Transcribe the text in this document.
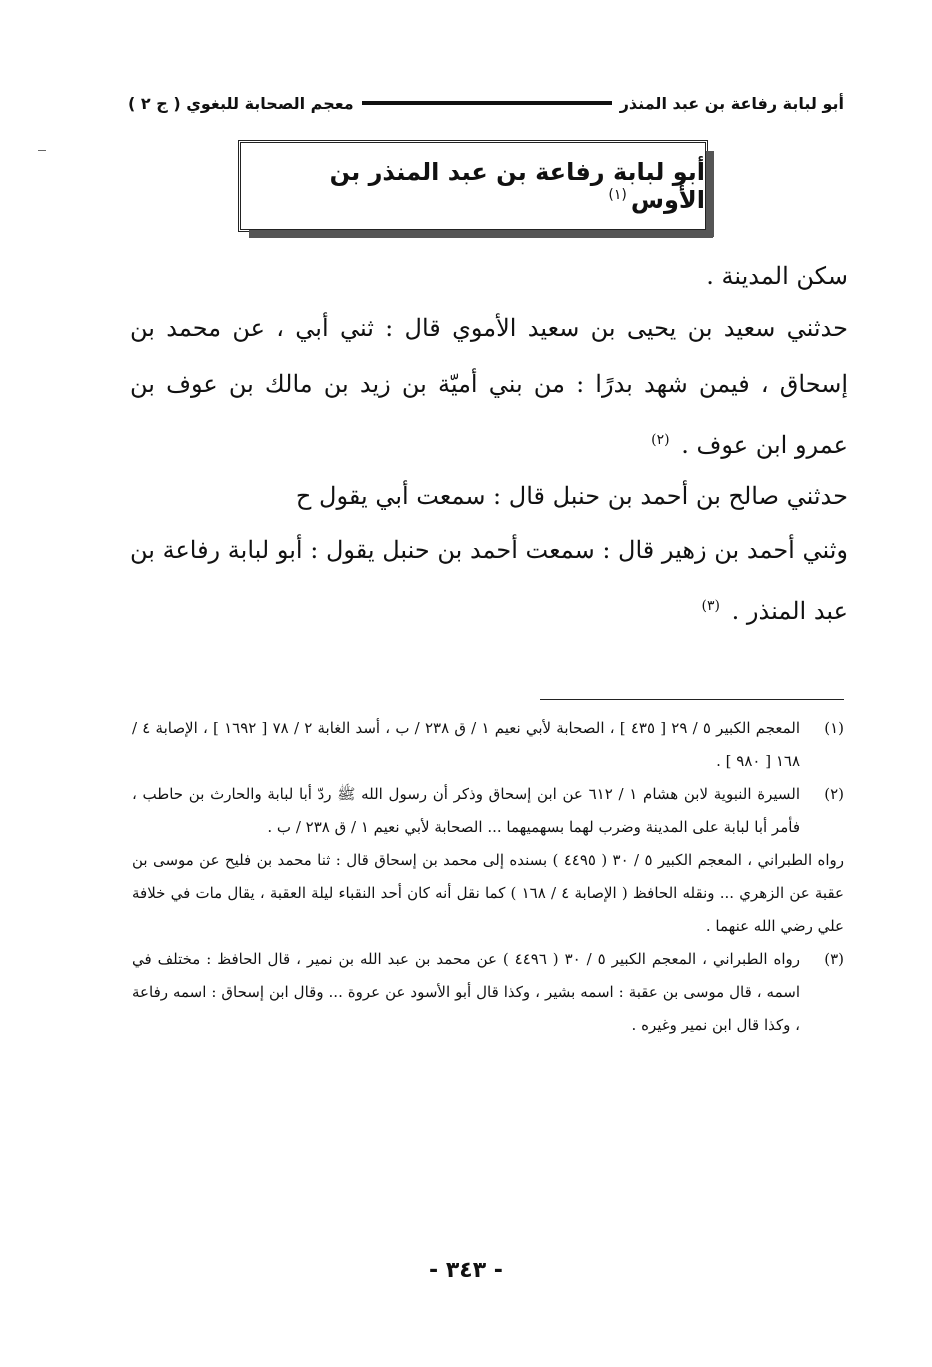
معجم الصحابة للبغوي ( ج ٢ )	أبو لبابة رفاعة بن عبد المنذر
أبو لبابة رفاعة بن عبد المنذر بن الأوس$^{(١)}$

سكن المدينة .

حدثني سعيد بن يحيى بن سعيد الأموي قال : ثني أبي ، عن محمد بن إسحاق ، فيمن شهد بدرًا : من بني أميّة بن زيد بن مالك بن عوف بن عمرو ابن عوف . $^{(٢)}$

حدثني صالح بن أحمد بن حنبل قال : سمعت أبي يقول ح

وثني أحمد بن زهير قال : سمعت أحمد بن حنبل يقول : أبو لبابة رفاعة بن عبد المنذر . $^{(٣)}$

(١)
المعجم الكبير ٥ / ٢٩ [ ٤٣٥ ] ، الصحابة لأبي نعيم ١ / ق ٢٣٨ / ب ، أسد الغابة ٢ / ٧٨ [ ١٦٩٢ ] ، الإصابة ٤ / ١٦٨ [ ٩٨٠ ] .
(٢)
السيرة النبوية لابن هشام ١ / ٦١٢ عن ابن إسحاق وذكر أن رسول الله ﷺ ردّ أبا لبابة والحارث بن حاطب ، فأمر أبا لبابة على المدينة وضرب لهما بسهميهما ... الصحابة لأبي نعيم ١ / ق ٢٣٨ / ب .
رواه الطبراني ، المعجم الكبير ٥ / ٣٠ ( ٤٤٩٥ ) بسنده إلى محمد بن إسحاق قال : ثنا محمد بن فليح عن موسى بن عقبة عن الزهري ... ونقله الحافظ ( الإصابة ٤ / ١٦٨ ) كما نقل أنه كان أحد النقباء ليلة العقبة ، يقال مات في خلافة علي رضي الله عنهما .
(٣)
رواه الطبراني ، المعجم الكبير ٥ / ٣٠ ( ٤٤٩٦ ) عن محمد بن عبد الله بن نمير ، قال الحافظ : مختلف في اسمه ، قال موسى بن عقبة : اسمه بشير ، وكذا قال أبو الأسود عن عروة ... وقال ابن إسحاق : اسمه رفاعة ، وكذا قال ابن نمير وغيره .
- ٣٤٣ -
